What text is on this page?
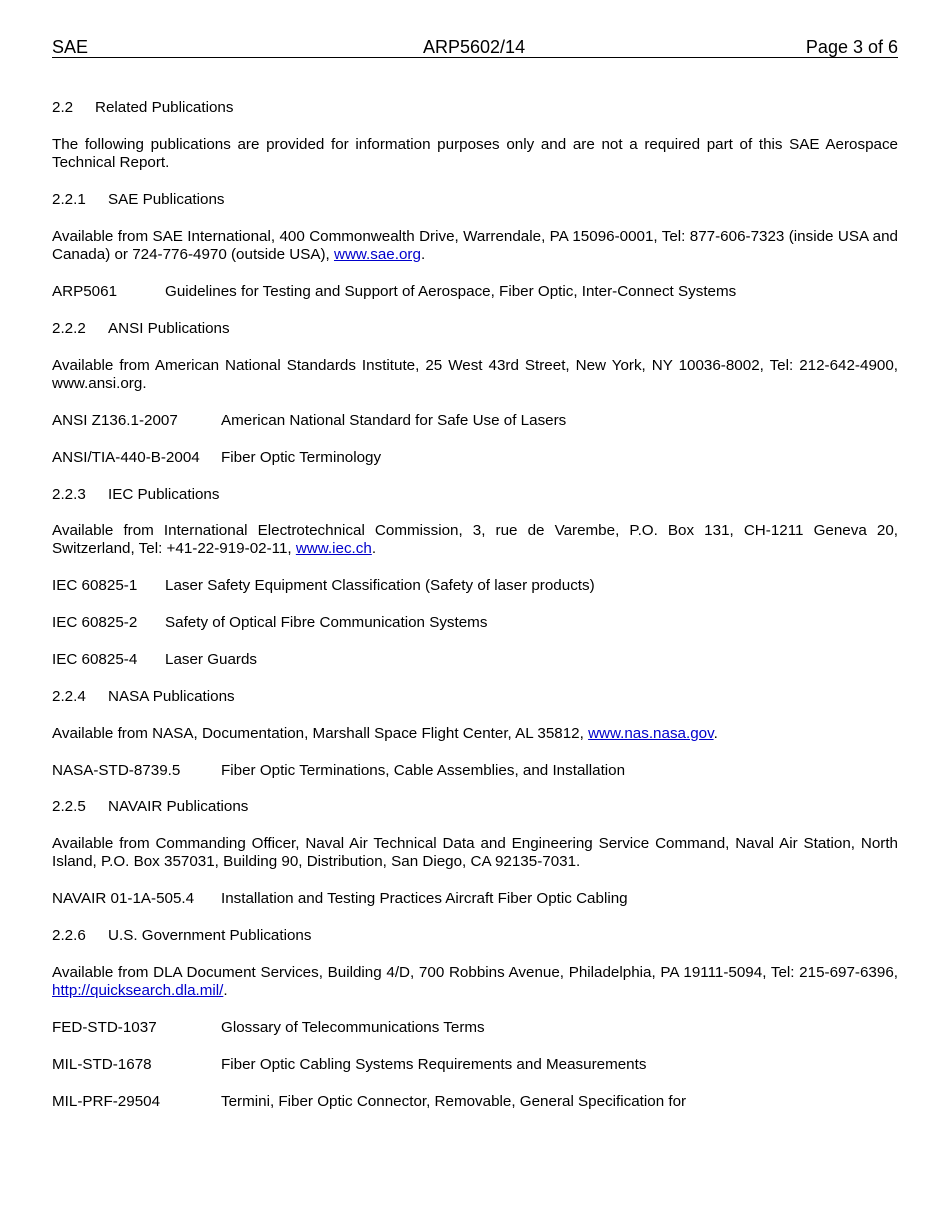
SAE	ARP5602/14	Page 3 of 6
2.2 Related Publications
The following publications are provided for information purposes only and are not a required part of this SAE Aerospace Technical Report.
2.2.1 SAE Publications
Available from SAE International, 400 Commonwealth Drive, Warrendale, PA 15096-0001, Tel: 877-606-7323 (inside USA and Canada) or 724-776-4970 (outside USA), www.sae.org.
ARP5061	Guidelines for Testing and Support of Aerospace, Fiber Optic, Inter-Connect Systems
2.2.2 ANSI Publications
Available from American National Standards Institute, 25 West 43rd Street, New York, NY 10036-8002, Tel: 212-642-4900, www.ansi.org.
ANSI Z136.1-2007	American National Standard for Safe Use of Lasers
ANSI/TIA-440-B-2004 Fiber Optic Terminology
2.2.3 IEC Publications
Available from International Electrotechnical Commission, 3, rue de Varembe, P.O. Box 131, CH-1211 Geneva 20, Switzerland, Tel: +41-22-919-02-11, www.iec.ch.
IEC 60825-1 Laser Safety Equipment Classification (Safety of laser products)
IEC 60825-2 Safety of Optical Fibre Communication Systems
IEC 60825-4 Laser Guards
2.2.4 NASA Publications
Available from NASA, Documentation, Marshall Space Flight Center, AL 35812, www.nas.nasa.gov.
NASA-STD-8739.5	Fiber Optic Terminations, Cable Assemblies, and Installation
2.2.5 NAVAIR Publications
Available from Commanding Officer, Naval Air Technical Data and Engineering Service Command, Naval Air Station, North Island, P.O. Box 357031, Building 90, Distribution, San Diego, CA 92135-7031.
NAVAIR 01-1A-505.4 Installation and Testing Practices Aircraft Fiber Optic Cabling
2.2.6 U.S. Government Publications
Available from DLA Document Services, Building 4/D, 700 Robbins Avenue, Philadelphia, PA 19111-5094, Tel: 215-697-6396, http://quicksearch.dla.mil/.
FED-STD-1037	Glossary of Telecommunications Terms
MIL-STD-1678	Fiber Optic Cabling Systems Requirements and Measurements
MIL-PRF-29504	Termini, Fiber Optic Connector, Removable, General Specification for
